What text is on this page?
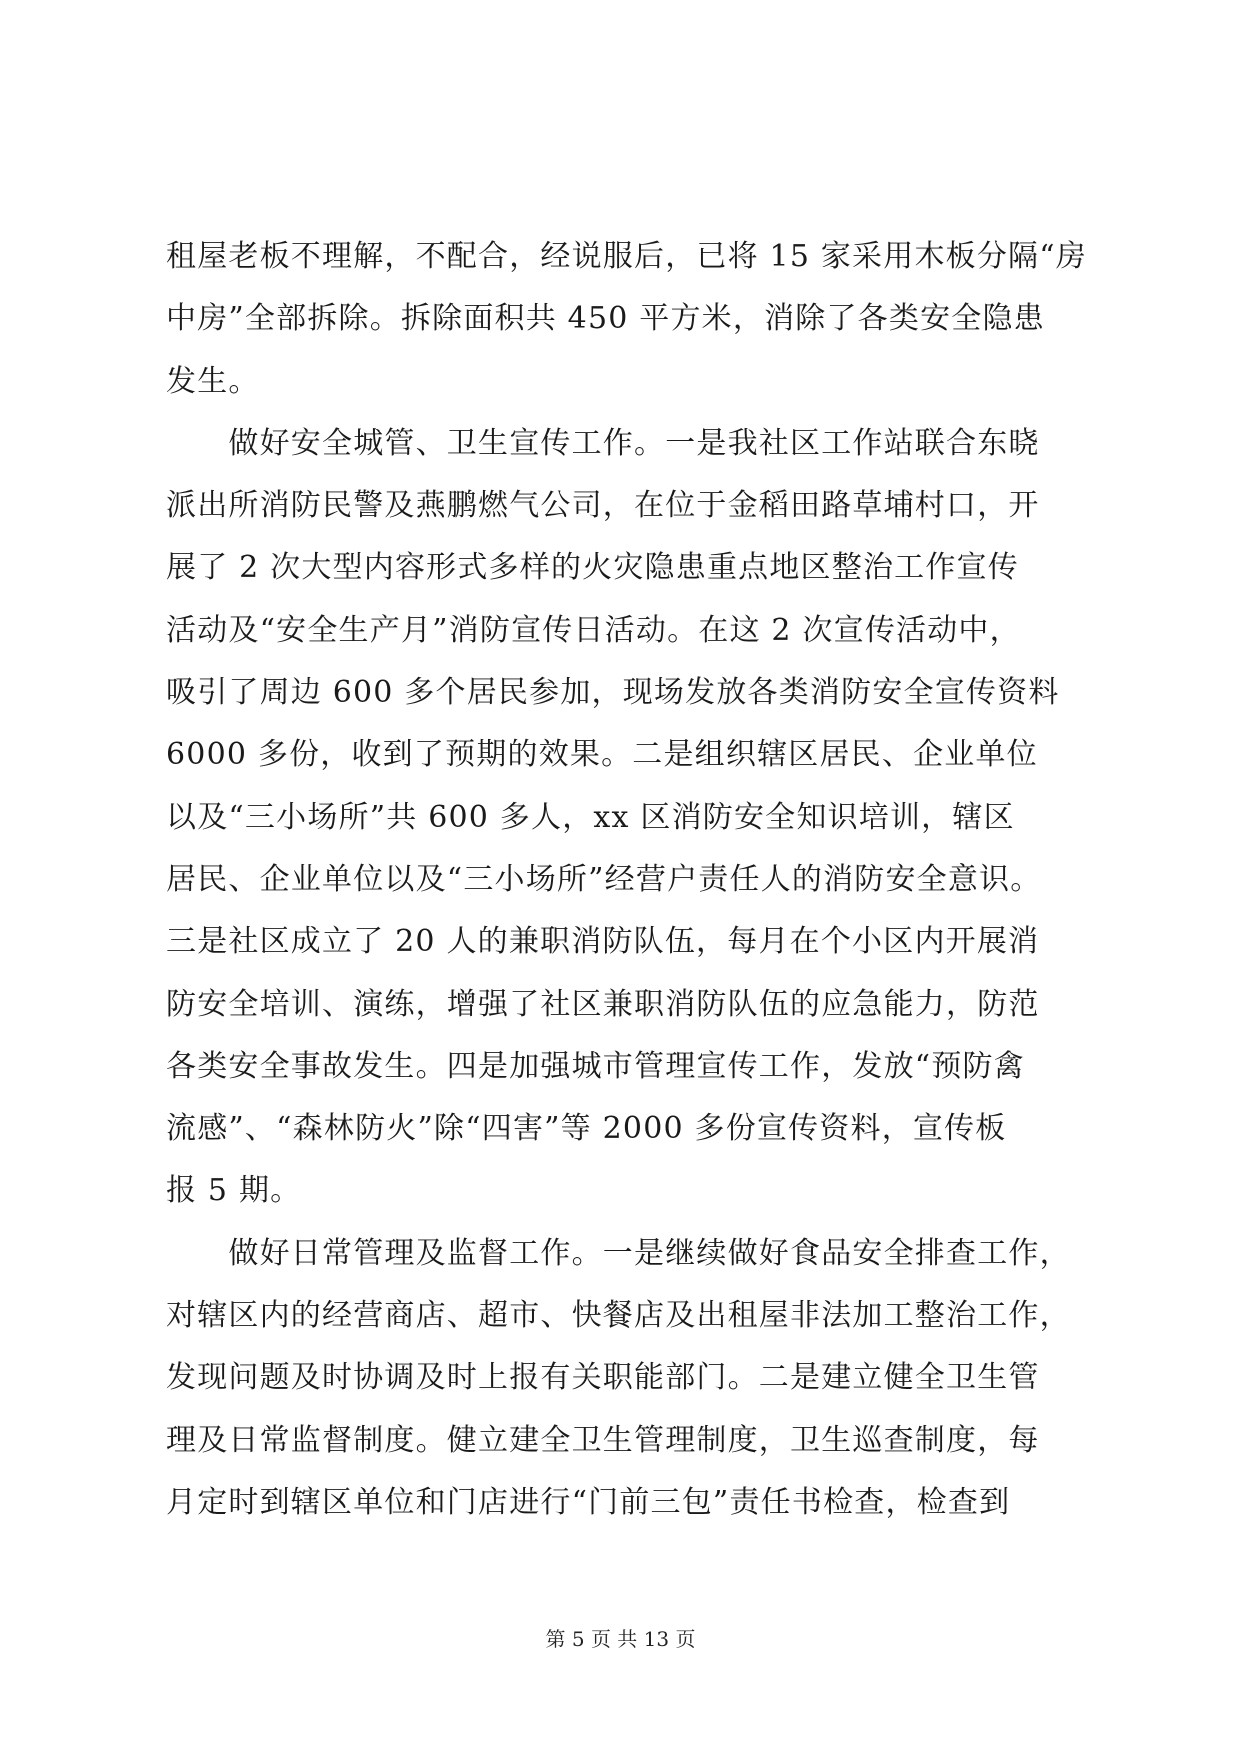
租屋老板不理解，不配合，经说服后，已将 15 家采用木板分隔“房
中房”全部拆除。拆除面积共 450 平方米，消除了各类安全隐患
发生。
　　做好安全城管、卫生宣传工作。一是我社区工作站联合东晓
派出所消防民警及燕鹏燃气公司，在位于金稻田路草埔村口，开
展了 2 次大型内容形式多样的火灾隐患重点地区整治工作宣传
活动及“安全生产月”消防宣传日活动。在这 2 次宣传活动中，
吸引了周边 600 多个居民参加，现场发放各类消防安全宣传资料
6000 多份，收到了预期的效果。二是组织辖区居民、企业单位
以及“三小场所”共 600 多人，xx 区消防安全知识培训，辖区
居民、企业单位以及“三小场所”经营户责任人的消防安全意识。
三是社区成立了 20 人的兼职消防队伍，每月在个小区内开展消
防安全培训、演练，增强了社区兼职消防队伍的应急能力，防范
各类安全事故发生。四是加强城市管理宣传工作，发放“预防禽
流感”、“森林防火”除“四害”等 2000 多份宣传资料，宣传板
报 5 期。
　　做好日常管理及监督工作。一是继续做好食品安全排查工作，
对辖区内的经营商店、超市、快餐店及出租屋非法加工整治工作，
发现问题及时协调及时上报有关职能部门。二是建立健全卫生管
理及日常监督制度。健立建全卫生管理制度，卫生巡查制度，每
月定时到辖区单位和门店进行“门前三包”责任书检查，检查到
第 5 页 共 13 页
